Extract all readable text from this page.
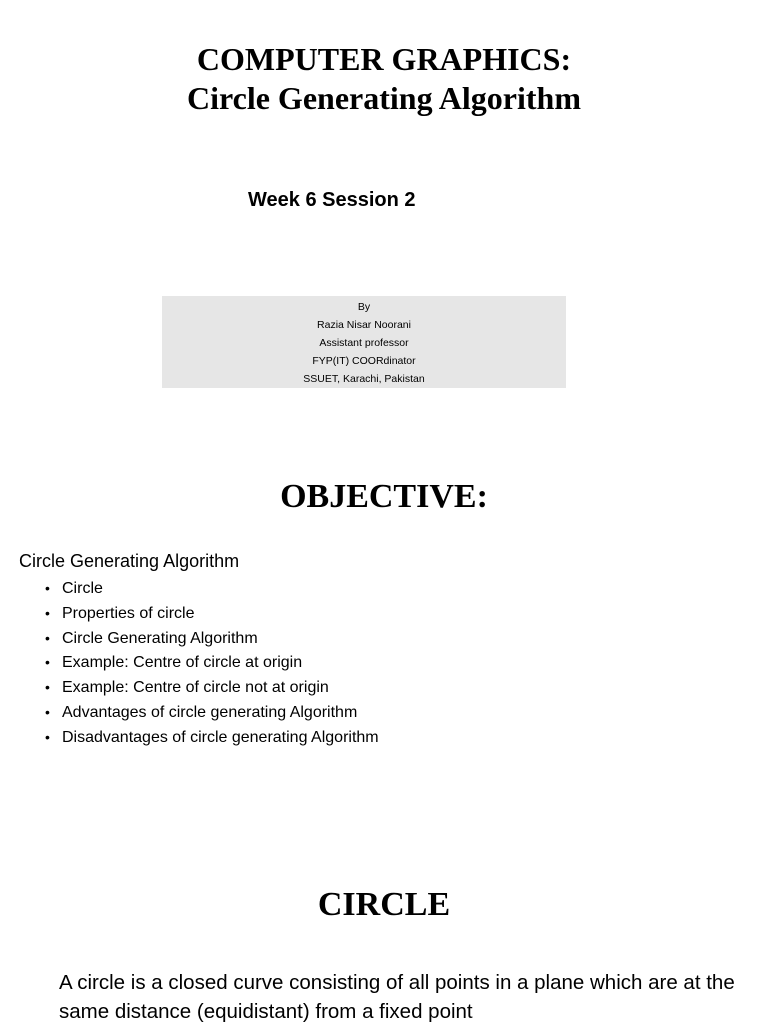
COMPUTER GRAPHICS:
Circle Generating Algorithm
Week 6 Session 2
By
Razia Nisar Noorani
Assistant professor
FYP(IT) COORdinator
SSUET, Karachi, Pakistan
OBJECTIVE:
Circle Generating Algorithm
• Circle
• Properties of circle
• Circle Generating Algorithm
• Example: Centre of circle at origin
• Example: Centre of circle not at origin
• Advantages of circle generating Algorithm
• Disadvantages of circle generating Algorithm
CIRCLE

A circle is a closed curve consisting of all points in a plane which are at the same distance (equidistant) from a fixed point
